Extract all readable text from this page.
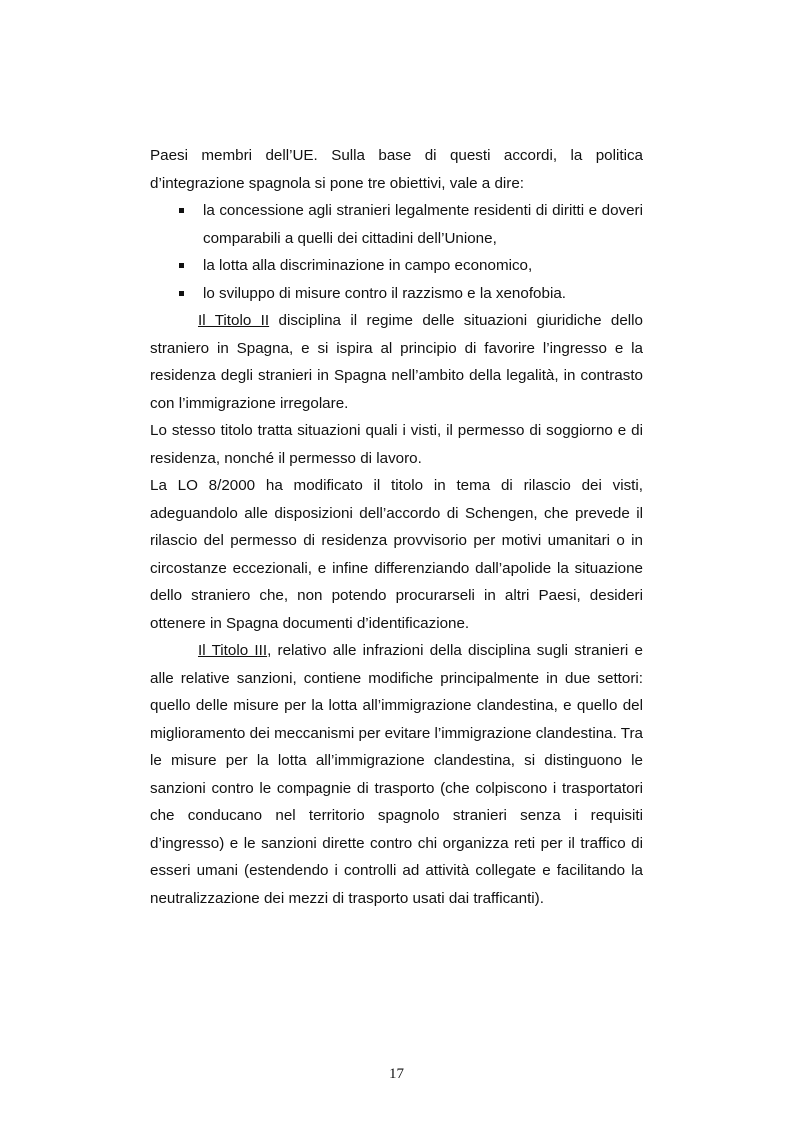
Paesi membri dell’UE. Sulla base di questi accordi, la politica d’integrazione spagnola si pone tre obiettivi, vale a dire:

la concessione agli stranieri legalmente residenti di diritti e doveri comparabili a quelli dei cittadini dell’Unione,
la lotta alla discriminazione in campo economico,
lo sviluppo di misure contro il razzismo e la xenofobia.

Il Titolo II disciplina il regime delle situazioni giuridiche dello straniero in Spagna, e si ispira al principio di favorire l’ingresso e la residenza degli stranieri in Spagna nell’ambito della legalità, in contrasto con l’immigrazione irregolare.

Lo stesso titolo tratta situazioni quali i visti, il permesso di soggiorno e di residenza, nonché il permesso di lavoro.

La LO 8/2000 ha modificato il titolo in tema di rilascio dei visti, adeguandolo alle disposizioni dell’accordo di Schengen, che prevede il rilascio del permesso di residenza provvisorio per motivi umanitari o in circostanze eccezionali, e infine differenziando dall’apolide la situazione dello straniero che, non potendo procurarseli in altri Paesi, desideri ottenere in Spagna documenti d’identificazione.

Il Titolo III, relativo alle infrazioni della disciplina sugli stranieri e alle relative sanzioni, contiene modifiche principalmente in due settori: quello delle misure per la lotta all’immigrazione clandestina, e quello del miglioramento dei meccanismi per evitare l’immigrazione clandestina. Tra le misure per la lotta all’immigrazione clandestina, si distinguono le sanzioni contro le compagnie di trasporto (che colpiscono i trasportatori che conducano nel territorio spagnolo stranieri senza i requisiti d’ingresso) e le sanzioni dirette contro chi organizza reti per il traffico di esseri umani (estendendo i controlli ad attività collegate e facilitando la neutralizzazione dei mezzi di trasporto usati dai trafficanti).

17
